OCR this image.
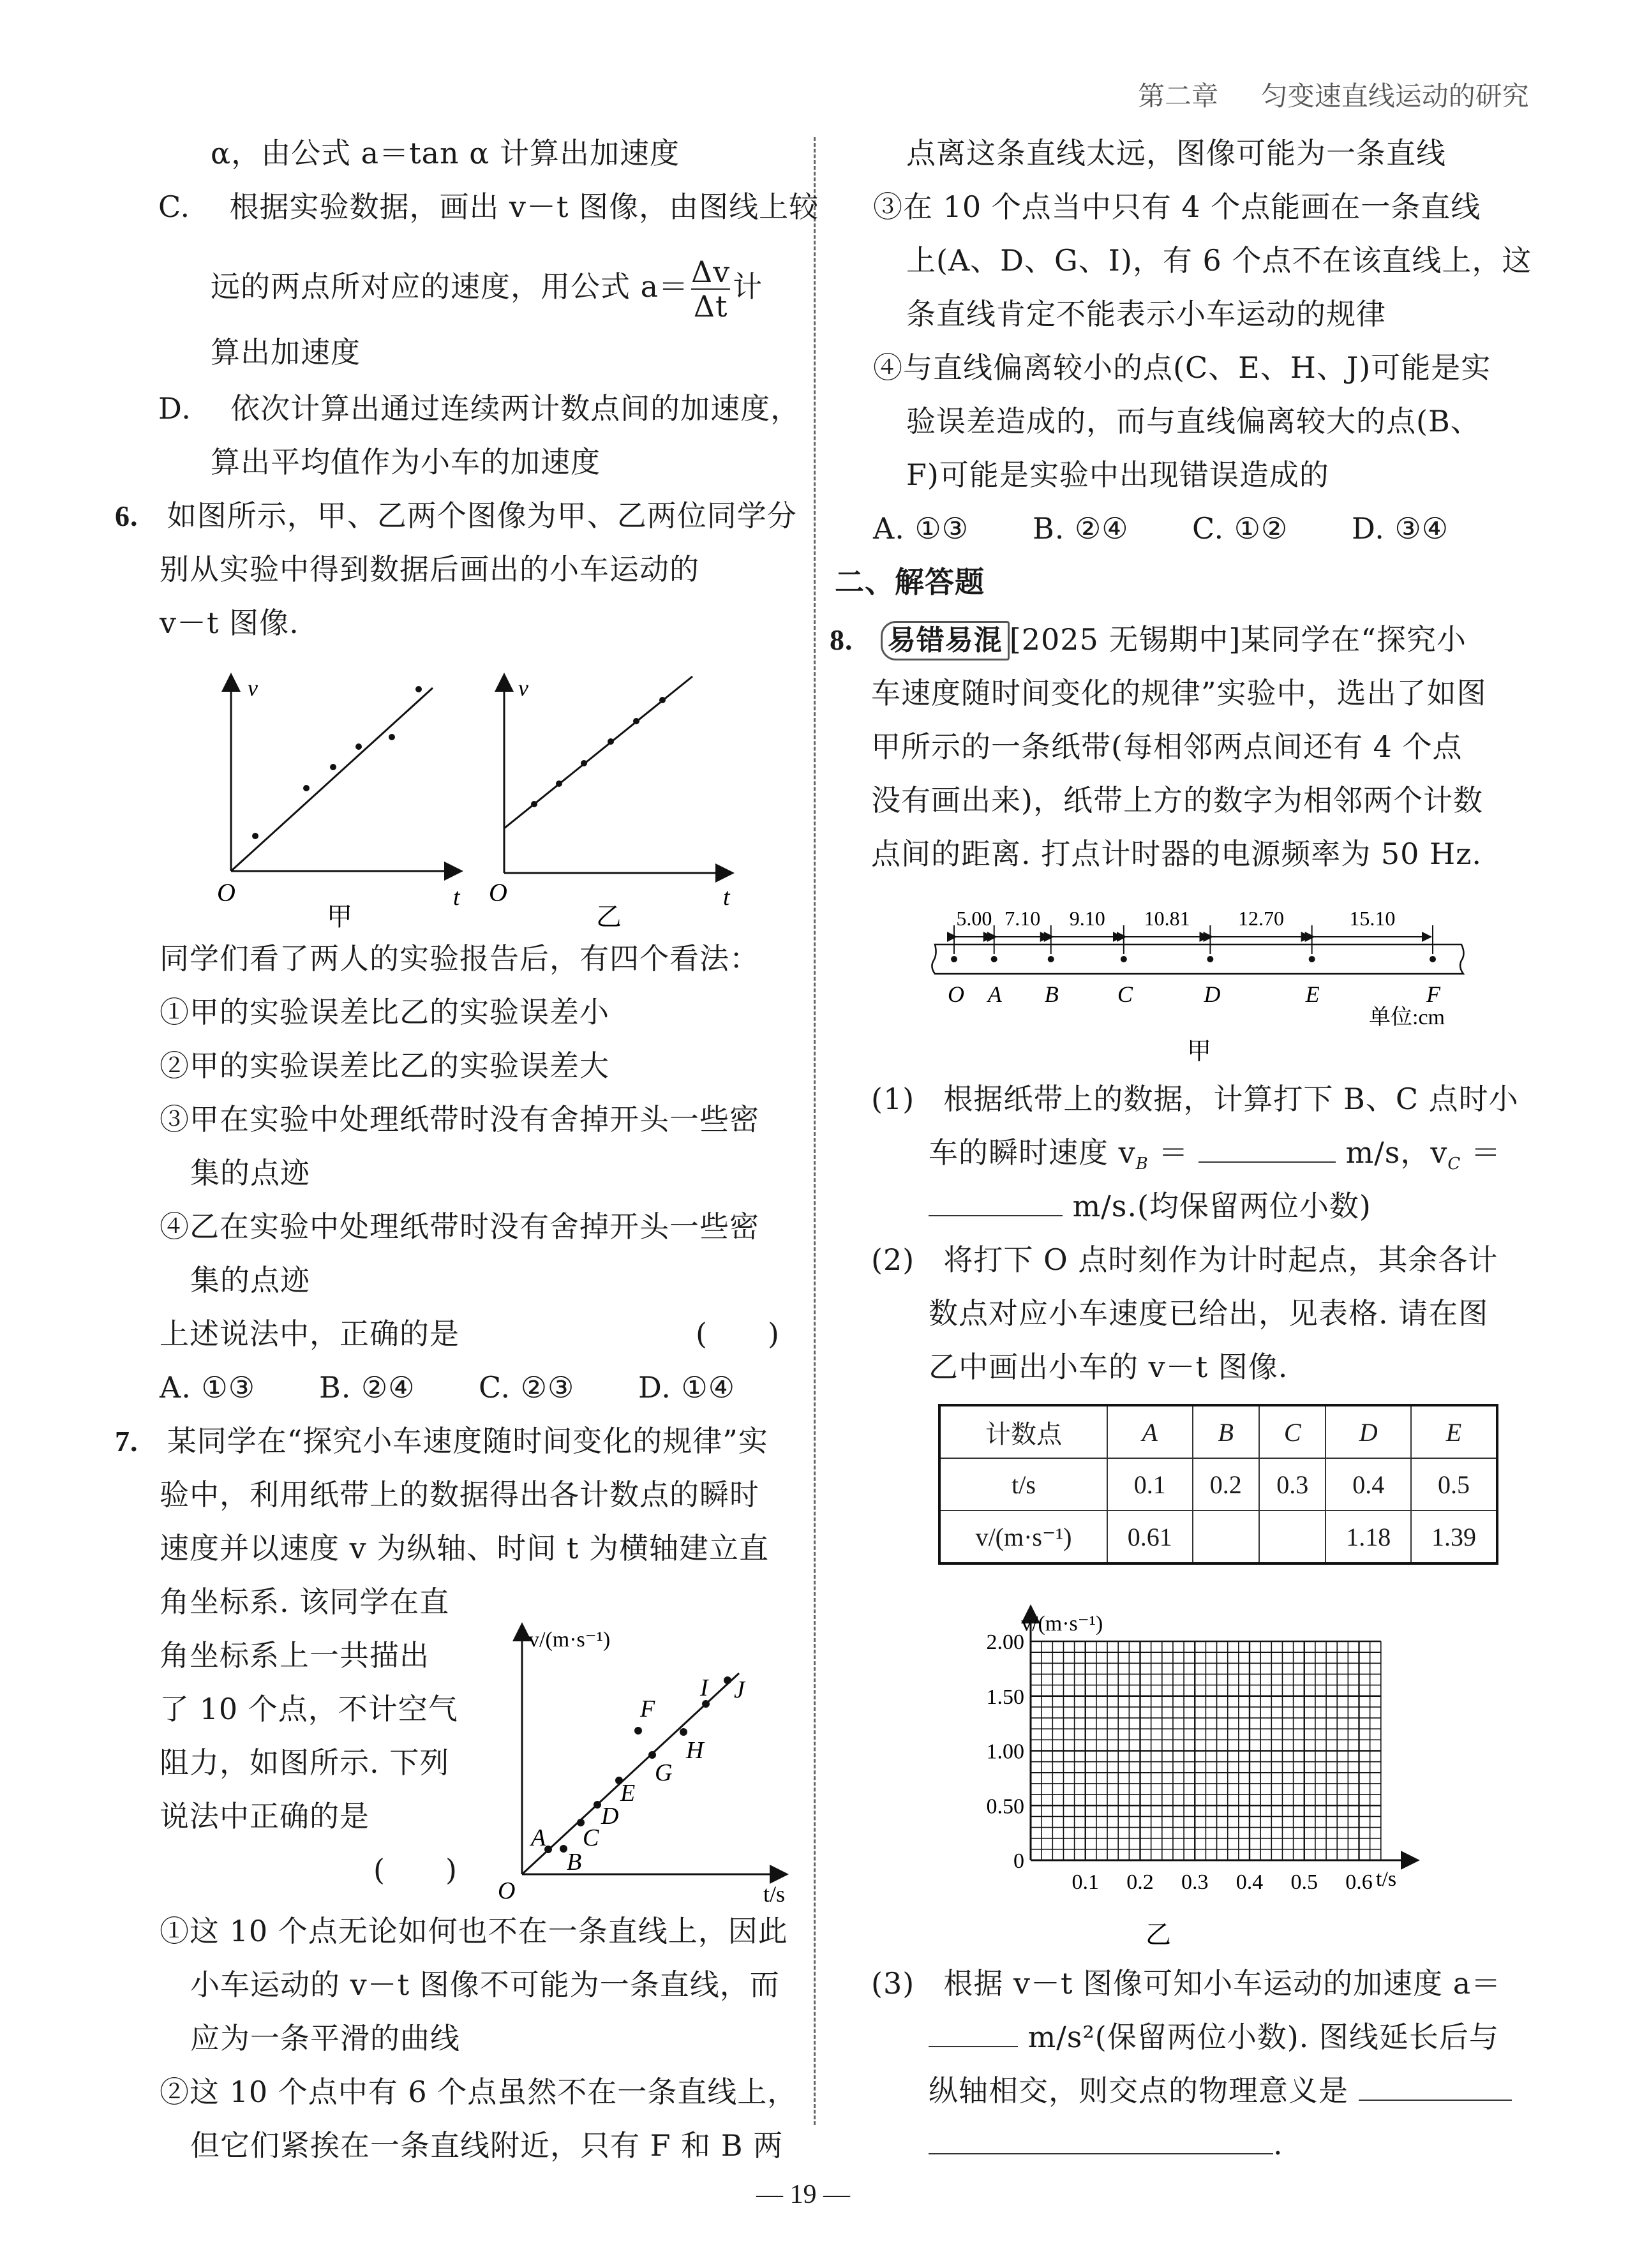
第二章 匀变速直线运动的研究
α，由公式 a＝tan α 计算出加速度
C. 根据实验数据，画出 v－t 图像，由图线上较
远的两点所对应的速度，用公式 $a= \frac{\Delta v}{\Delta t}$ 计
算出加速度
D. 依次计算出通过连续两计数点间的加速度，
算出平均值作为小车的加速度
6. 如图所示，甲、乙两个图像为甲、乙两位同学分
别从实验中得到数据后画出的小车运动的
v－t 图像.
v
O	t
甲
v
O	t
乙
同学们看了两人的实验报告后，有四个看法：
①甲的实验误差比乙的实验误差小
②甲的实验误差比乙的实验误差大
③甲在实验中处理纸带时没有舍掉开头一些密
集的点迹
④乙在实验中处理纸带时没有舍掉开头一些密
集的点迹
上述说法中，正确的是	(　　)
A. ①③ B. ②④ C. ②③ D. ①④
7. 某同学在“探究小车速度随时间变化的规律”实
验中，利用纸带上的数据得出各计数点的瞬时
速度并以速度 v 为纵轴、时间 t 为横轴建立直
角坐标系. 该同学在直
角坐标系上一共描出
了 10 个点，不计空气
阻力，如图所示. 下列
说法中正确的是
(　　)
A
B
C
D
E
F
G
H
I J
v/(m·s⁻¹)
O	t/s
①这 10 个点无论如何也不在一条直线上，因此
小车运动的 v－t 图像不可能为一条直线，而
应为一条平滑的曲线
②这 10 个点中有 6 个点虽然不在一条直线上，
但它们紧挨在一条直线附近，只有 F 和 B 两
点离这条直线太远，图像可能为一条直线
③在 10 个点当中只有 4 个点能画在一条直线
上(A、D、G、I)，有 6 个点不在该直线上，这
条直线肯定不能表示小车运动的规律
④与直线偏离较小的点(C、E、H、J)可能是实
验误差造成的，而与直线偏离较大的点(B、
F)可能是实验中出现错误造成的
A. ①③ B. ②④ C. ①② D. ③④
二、解答题
8. 易错易混 [2025 无锡期中]某同学在“探究小
车速度随时间变化的规律”实验中，选出了如图
甲所示的一条纸带(每相邻两点间还有 4 个点
没有画出来)，纸带上方的数字为相邻两个计数
点间的距离. 打点计时器的电源频率为 50 Hz.
O A B	C	D	E	F
5.00 7.10 9.10 10.81 12.70	15.10
单位:cm
甲
(1) 根据纸带上的数据，计算打下 B、C 点时小
车的瞬时速度 $v_B$ ＝	m/s，$v_C$ ＝
m/s.(均保留两位小数)
(2) 将打下 O 点时刻作为计时起点，其余各计
数点对应小车速度已给出，见表格. 请在图
乙中画出小车的 v－t 图像.
计数点	A	B	C	D	E
t/s	0.1	0.2	0.3	0.4	0.5
v/(m·s⁻¹)	0.61			1.18	1.39
0
0.50
1.00
1.50
2.00
0.1 0.2 0.3 0.4 0.5 0.6
v/(m·s⁻¹)
t/s
乙
(3) 根据 v－t 图像可知小车运动的加速度 a＝
m/s²(保留两位小数). 图线延长后与
纵轴相交，则交点的物理意义是
.
— 19 —
